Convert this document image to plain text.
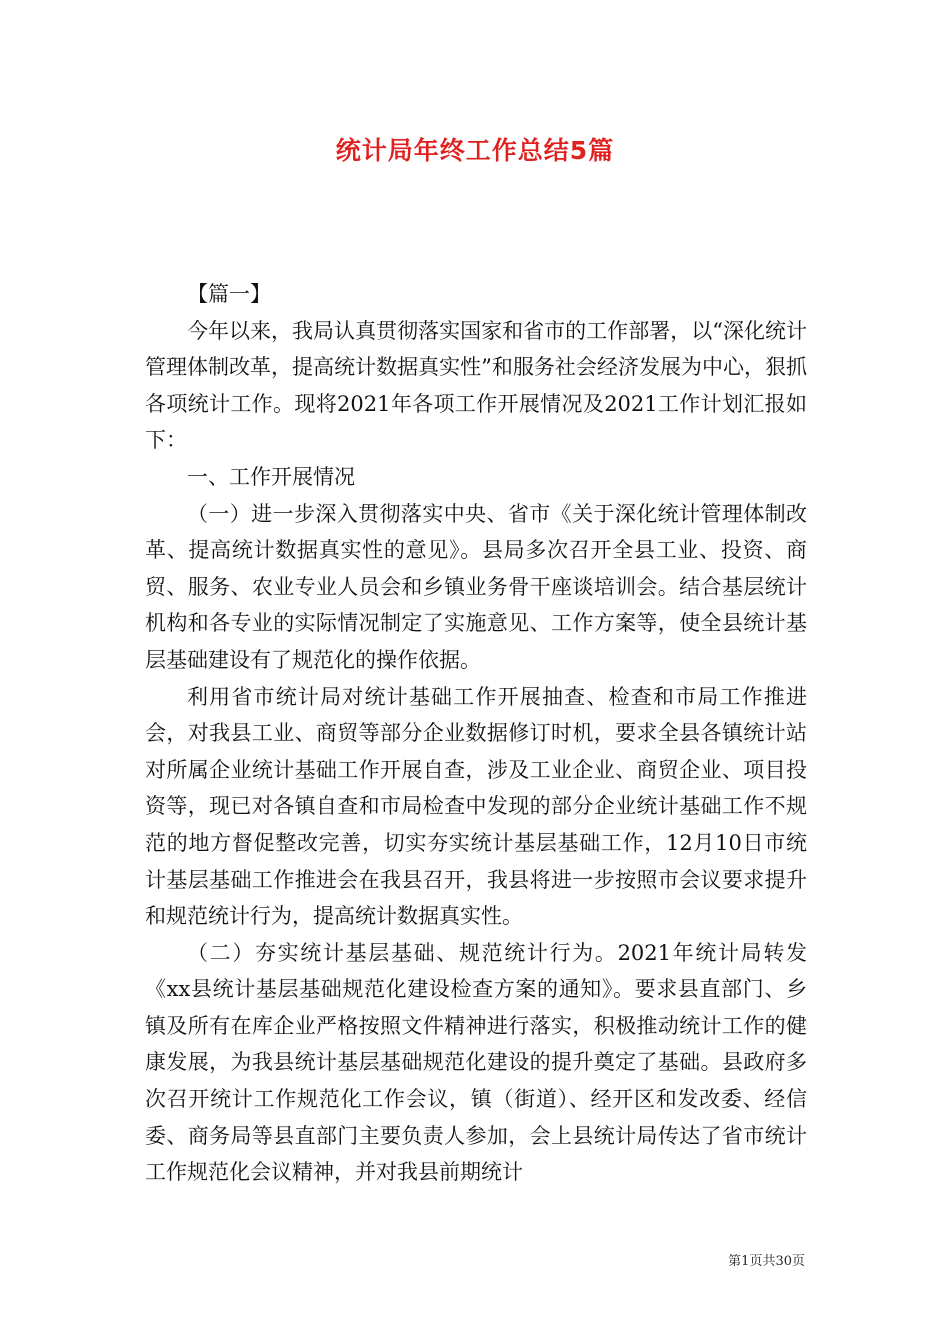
统计局年终工作总结5篇

【篇一】

今年以来，我局认真贯彻落实国家和省市的工作部署，以“深化统计管理体制改革，提高统计数据真实性”和服务社会经济发展为中心，狠抓各项统计工作。现将2021年各项工作开展情况及2021工作计划汇报如下：

一、工作开展情况

（一）进一步深入贯彻落实中央、省市《关于深化统计管理体制改革、提高统计数据真实性的意见》。县局多次召开全县工业、投资、商贸、服务、农业专业人员会和乡镇业务骨干座谈培训会。结合基层统计机构和各专业的实际情况制定了实施意见、工作方案等，使全县统计基层基础建设有了规范化的操作依据。

利用省市统计局对统计基础工作开展抽查、检查和市局工作推进会，对我县工业、商贸等部分企业数据修订时机，要求全县各镇统计站对所属企业统计基础工作开展自查，涉及工业企业、商贸企业、项目投资等，现已对各镇自查和市局检查中发现的部分企业统计基础工作不规范的地方督促整改完善，切实夯实统计基层基础工作，12月10日市统计基层基础工作推进会在我县召开，我县将进一步按照市会议要求提升和规范统计行为，提高统计数据真实性。

（二）夯实统计基层基础、规范统计行为。2021年统计局转发《xx县统计基层基础规范化建设检查方案的通知》。要求县直部门、乡镇及所有在库企业严格按照文件精神进行落实，积极推动统计工作的健康发展，为我县统计基层基础规范化建设的提升奠定了基础。县政府多次召开统计工作规范化工作会议，镇（街道）、经开区和发改委、经信委、商务局等县直部门主要负责人参加，会上县统计局传达了省市统计工作规范化会议精神，并对我县前期统计

第1页共30页
